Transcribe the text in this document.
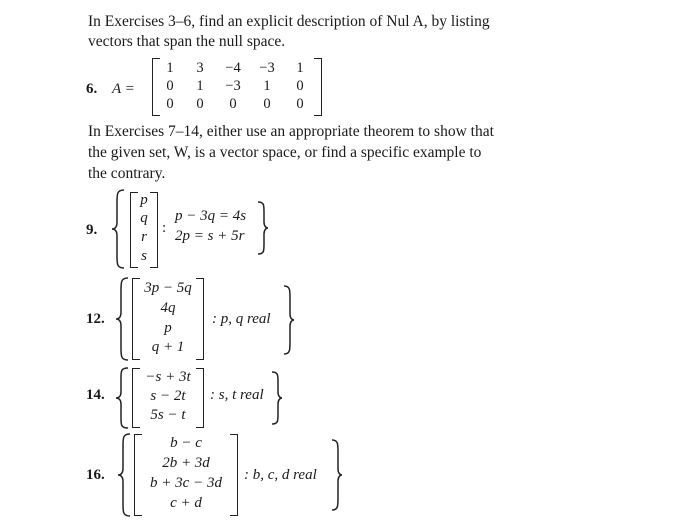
In Exercises 3–6, find an explicit description of Nul A, by listing

vectors that span the null space.

6. A =
1	3	−4	−3	1
0	1	−3	1	0
0	0	0	0	0

In Exercises 7–14, either use an appropriate theorem to show that

the given set, W, is a vector space, or find a specific example to

the contrary.

9.
p
q
r
s
:
p − 3q = 4s
2p = s + 5r
12.
3p − 5q
4q
p
q + 1
: p, q real
14.
−s + 3t
s − 2t
5s − t
: s, t real
16.
b − c
2b + 3d
b + 3c − 3d
c + d
: b, c, d real
